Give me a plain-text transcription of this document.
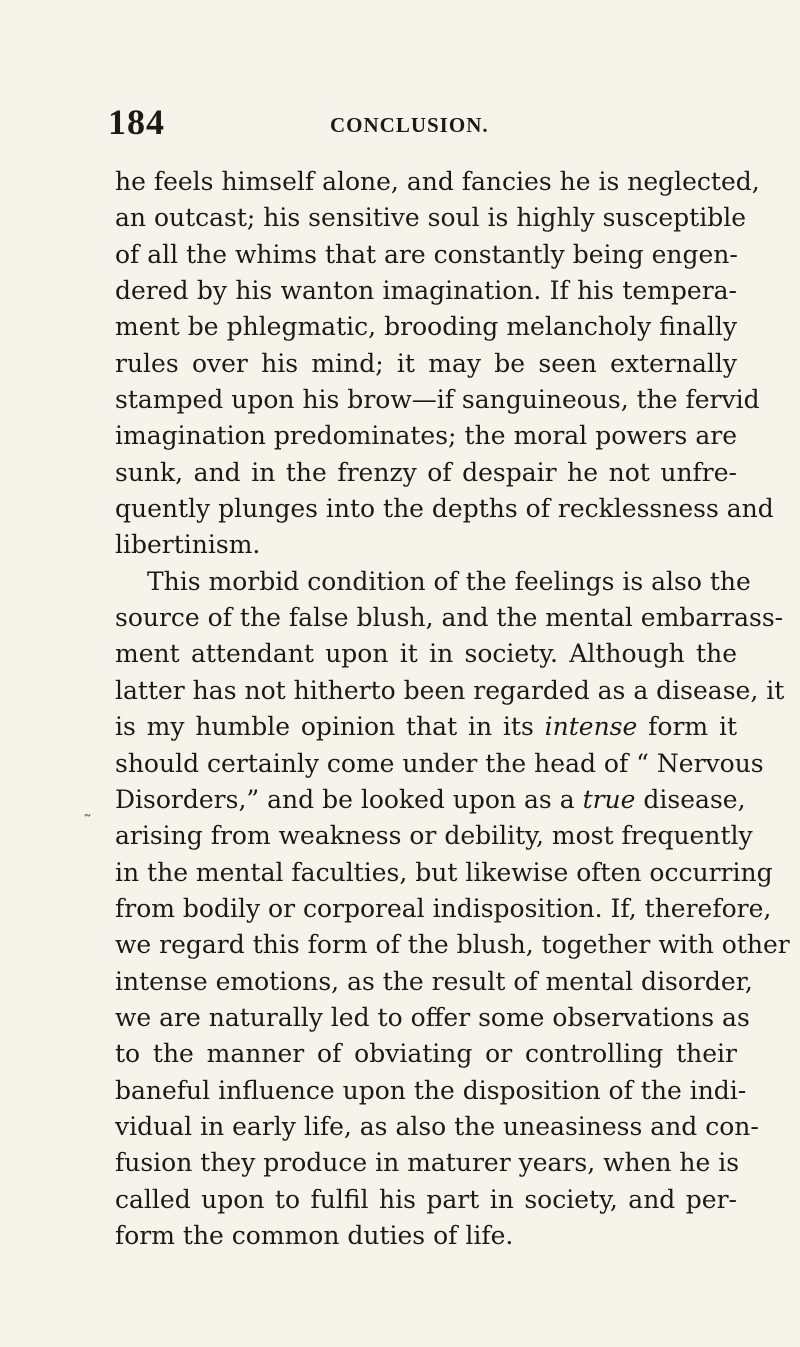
184	CONCLUSION.
˜
he feels himself alone, and fancies he is neglected,
an outcast; his sensitive soul is highly susceptible
of all the whims that are constantly being engen-
dered by his wanton imagination. If his tempera-
ment be phlegmatic, brooding melancholy finally
rules over his mind; it may be seen externally
stamped upon his brow—if sanguineous, the fervid
imagination predominates; the moral powers are
sunk, and in the frenzy of despair he not unfre-
quently plunges into the depths of recklessness and
libertinism.
This morbid condition of the feelings is also the
source of the false blush, and the mental embarrass-
ment attendant upon it in society. Although the
latter has not hitherto been regarded as a disease, it
is my humble opinion that in its intense form it
should certainly come under the head of “ Nervous
Disorders,” and be looked upon as a true disease,
arising from weakness or debility, most frequently
in the mental faculties, but likewise often occurring
from bodily or corporeal indisposition. If, therefore,
we regard this form of the blush, together with other
intense emotions, as the result of mental disorder,
we are naturally led to offer some observations as
to the manner of obviating or controlling their
baneful influence upon the disposition of the indi-
vidual in early life, as also the uneasiness and con-
fusion they produce in maturer years, when he is
called upon to fulfil his part in society, and per-
form the common duties of life.
